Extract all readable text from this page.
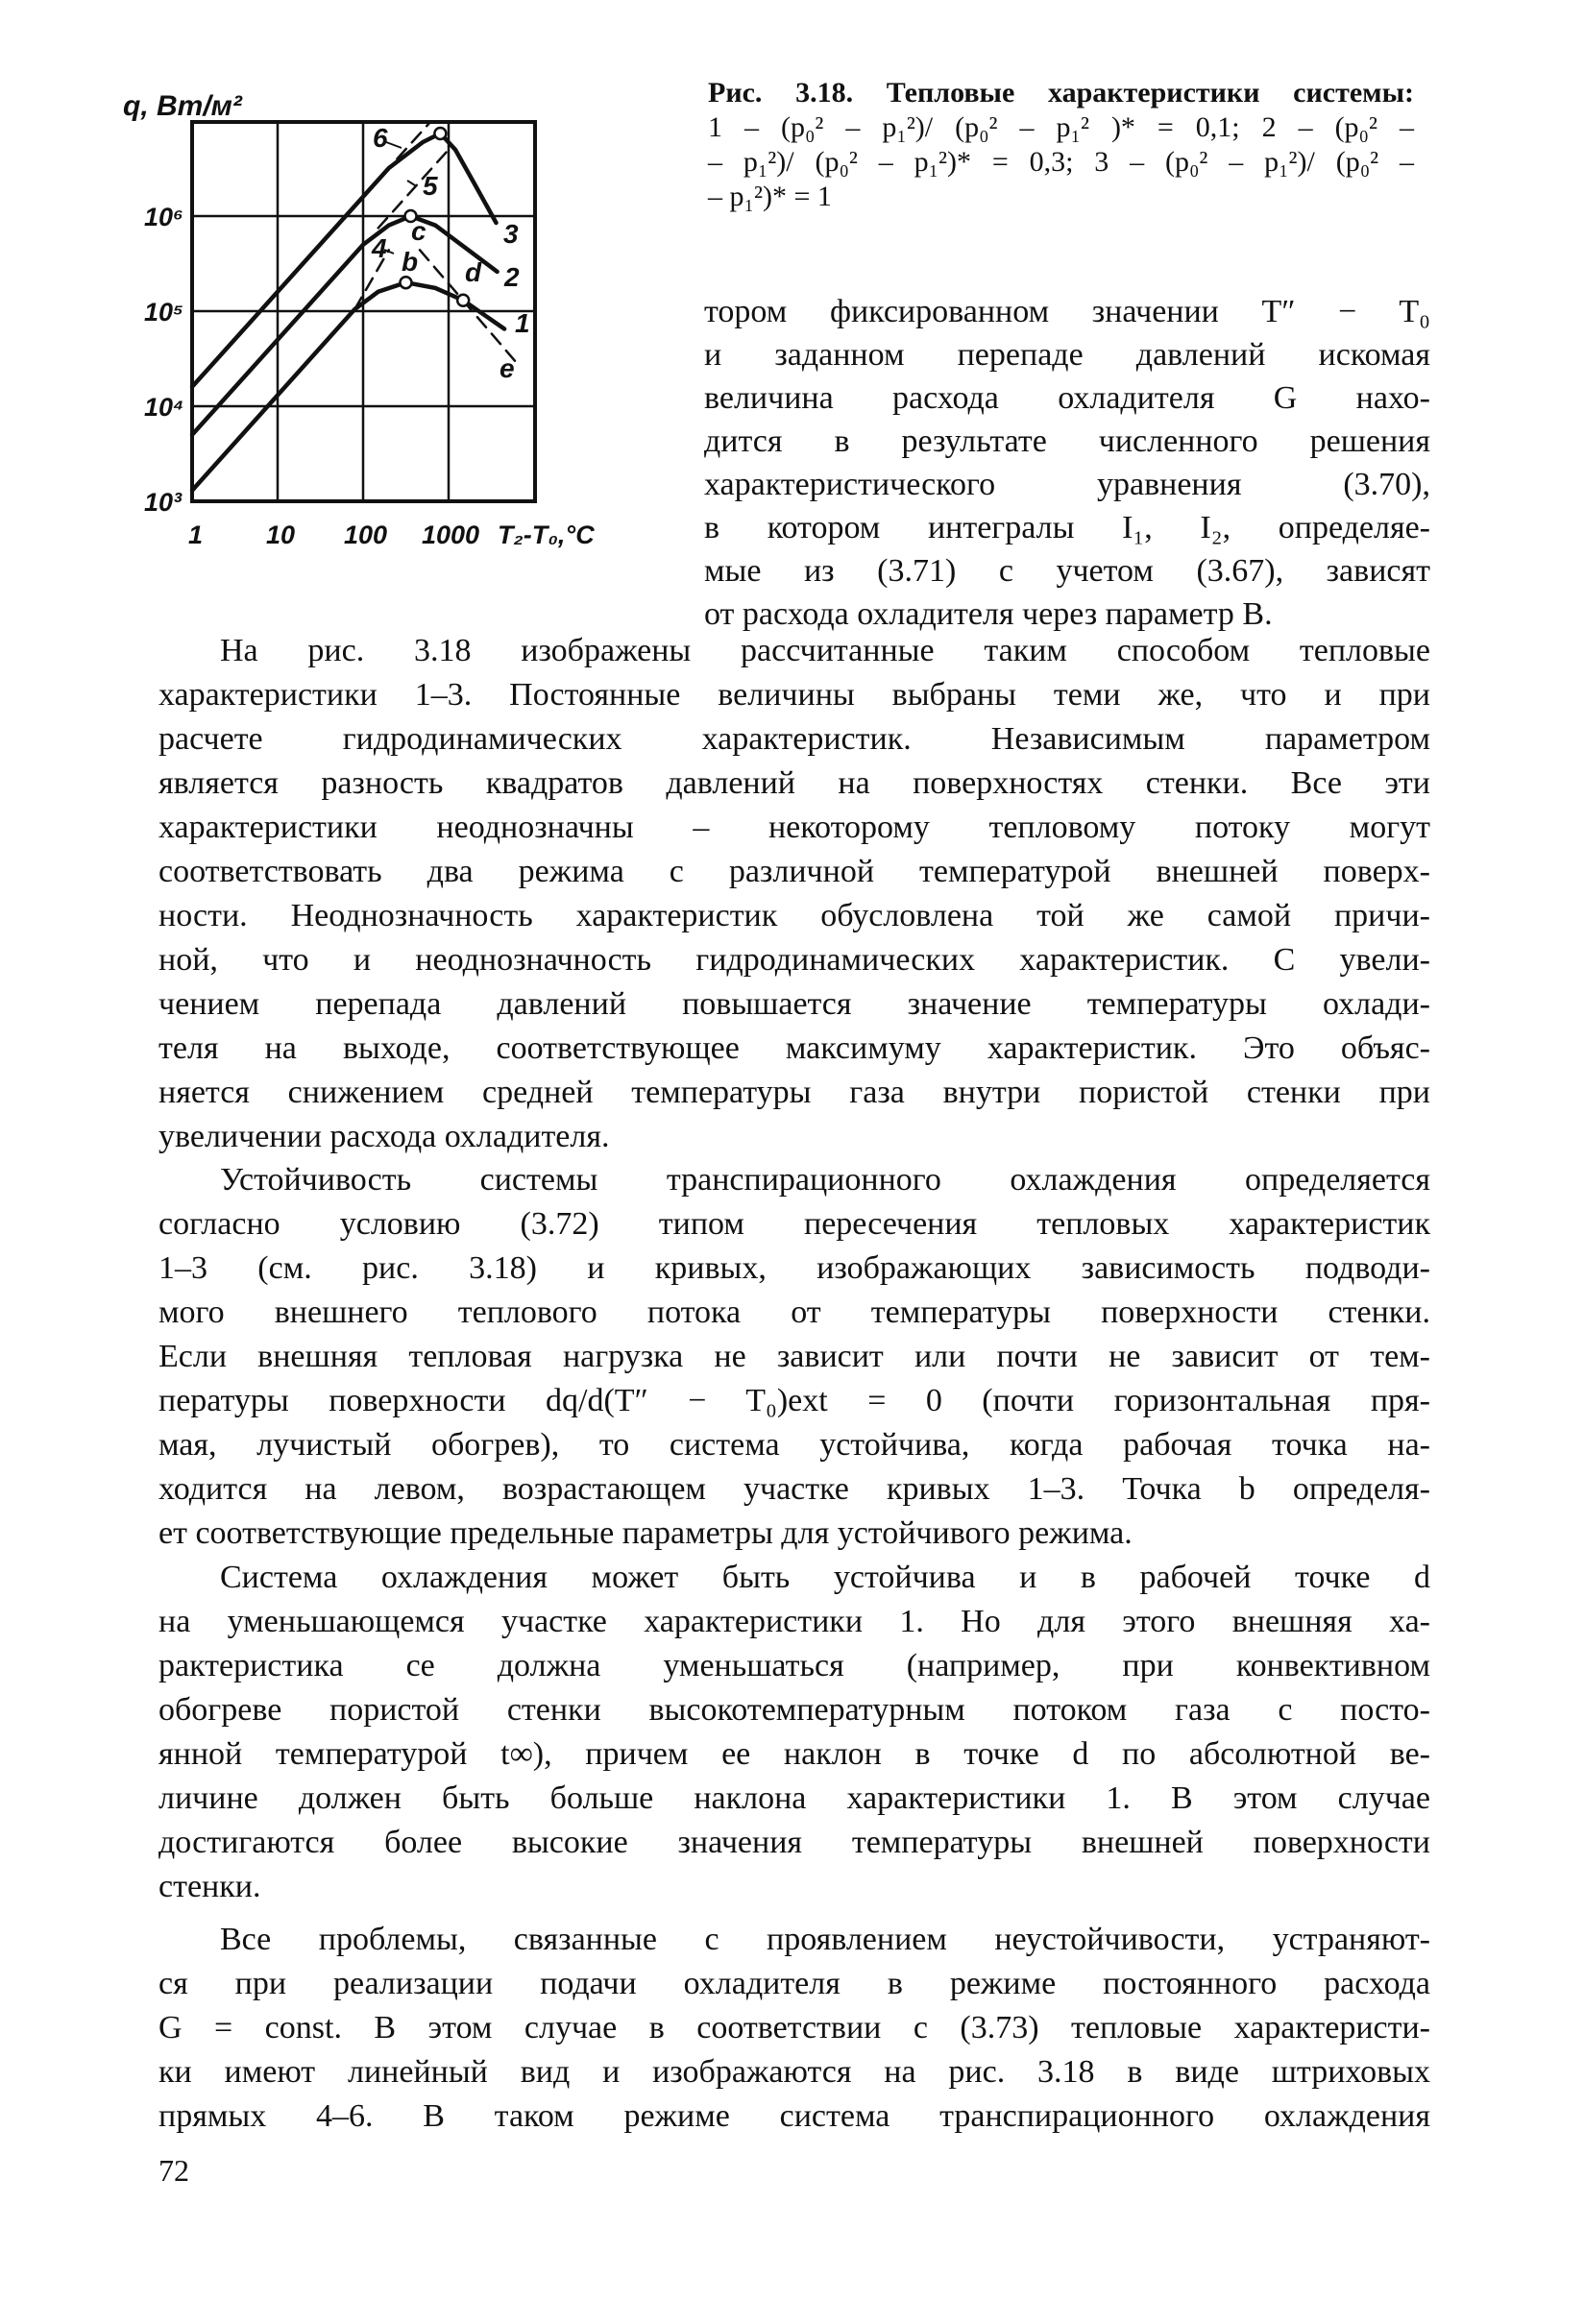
q, Вт/м²
T₂-T₀,°C
10³
10⁴
10⁵
10⁶
1 10 100 1000
1
2
3
4
5
6
b
c
d
e
Рис. 3.18. Тепловые характеристики системы:
1 – (p₀² – p₁²)/ (p₀² – p₁² )* = 0,1; 2 – (p₀² –
– p₁²)/ (p₀² – p₁²)* = 0,3; 3 – (p₀² – p₁²)/ (p₀² –
– p₁²)* = 1
тором фиксированном значении T″ − T₀
и заданном перепаде давлений искомая
величина расхода охладителя G нахо-
дится в результате численного решения
характеристического уравнения (3.70),
в котором интегралы I₁, I₂, определяе-
мые из (3.71) с учетом (3.67), зависят
от расхода охладителя через параметр B.
На рис. 3.18 изображены рассчитанные таким способом тепловые
характеристики 1–3. Постоянные величины выбраны теми же, что и при
расчете гидродинамических характеристик. Независимым параметром
является разность квадратов давлений на поверхностях стенки. Все эти
характеристики неоднозначны – некоторому тепловому потоку могут
соответствовать два режима с различной температурой внешней поверх-
ности. Неоднозначность характеристик обусловлена той же самой причи-
ной, что и неоднозначность гидродинамических характеристик. С увели-
чением перепада давлений повышается значение температуры охлади-
теля на выходе, соответствующее максимуму характеристик. Это объяс-
няется снижением средней температуры газа внутри пористой стенки при
увеличении расхода охладителя.
Устойчивость системы транспирационного охлаждения определяется
согласно условию (3.72) типом пересечения тепловых характеристик
1–3 (см. рис. 3.18) и кривых, изображающих зависимость подводи-
мого внешнего теплового потока от температуры поверхности стенки.
Если внешняя тепловая нагрузка не зависит или почти не зависит от тем-
пературы поверхности dq/d(T″ − T₀)ext = 0 (почти горизонтальная пря-
мая, лучистый обогрев), то система устойчива, когда рабочая точка на-
ходится на левом, возрастающем участке кривых 1–3. Точка b определя-
ет соответствующие предельные параметры для устойчивого режима.
Система охлаждения может быть устойчива и в рабочей точке d
на уменьшающемся участке характеристики 1. Но для этого внешняя ха-
рактеристика ce должна уменьшаться (например, при конвективном
обогреве пористой стенки высокотемпературным потоком газа с посто-
янной температурой t∞), причем ее наклон в точке d по абсолютной ве-
личине должен быть больше наклона характеристики 1. В этом случае
достигаются более высокие значения температуры внешней поверхности
стенки.
Все проблемы, связанные с проявлением неустойчивости, устраняют-
ся при реализации подачи охладителя в режиме постоянного расхода
G = const. В этом случае в соответствии с (3.73) тепловые характеристи-
ки имеют линейный вид и изображаются на рис. 3.18 в виде штриховых
прямых 4–6. В таком режиме система транспирационного охлаждения
72
